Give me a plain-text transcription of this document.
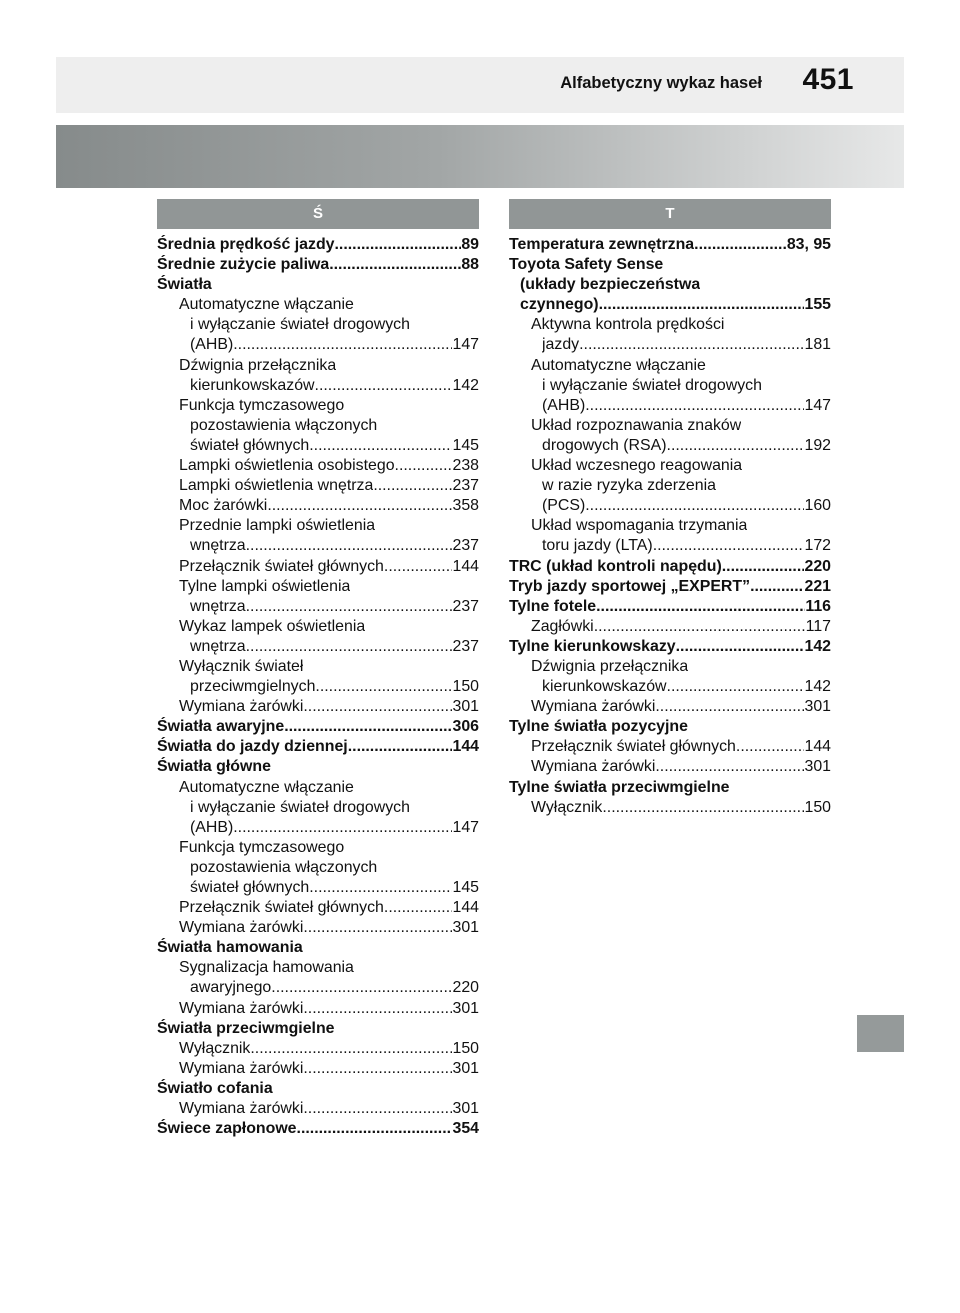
Alfabetyczny wykaz haseł 451
Ś
Średnia prędkość jazdy .....	89
Średnie zużycie paliwa .....	88
Światła
Automatyczne włączanie
i wyłączanie świateł drogowych
(AHB) .....	147
Dźwignia przełącznika
kierunkowskazów .....	142
Funkcja tymczasowego
pozostawienia włączonych
świateł głównych .....	145
Lampki oświetlenia osobistego .....	238
Lampki oświetlenia wnętrza .....	237
Moc żarówki .....	358
Przednie lampki oświetlenia
wnętrza .....	237
Przełącznik świateł głównych .....	144
Tylne lampki oświetlenia
wnętrza .....	237
Wykaz lampek oświetlenia
wnętrza .....	237
Wyłącznik świateł
przeciwmgielnych .....	150
Wymiana żarówki .....	301
Światła awaryjne .....	306
Światła do jazdy dziennej .....	144
Światła główne
Automatyczne włączanie
i wyłączanie świateł drogowych
(AHB) .....	147
Funkcja tymczasowego
pozostawienia włączonych
świateł głównych .....	145
Przełącznik świateł głównych .....	144
Wymiana żarówki .....	301
Światła hamowania
Sygnalizacja hamowania
awaryjnego .....	220
Wymiana żarówki .....	301
Światła przeciwmgielne
Wyłącznik .....	150
Wymiana żarówki .....	301
Światło cofania
Wymiana żarówki .....	301
Świece zapłonowe .....	354
T
Temperatura zewnętrzna .....	83, 95
Toyota Safety Sense
(układy bezpieczeństwa
czynnego) .....	155
Aktywna kontrola prędkości
jazdy .....	181
Automatyczne włączanie
i wyłączanie świateł drogowych
(AHB) .....	147
Układ rozpoznawania znaków
drogowych (RSA) .....	192
Układ wczesnego reagowania
w razie ryzyka zderzenia
(PCS) .....	160
Układ wspomagania trzymania
toru jazdy (LTA) .....	172
TRC (układ kontroli napędu) .....	220
Tryb jazdy sportowej „EXPERT” .....	221
Tylne fotele .....	116
Zagłówki .....	117
Tylne kierunkowskazy .....	142
Dźwignia przełącznika
kierunkowskazów .....	142
Wymiana żarówki .....	301
Tylne światła pozycyjne
Przełącznik świateł głównych .....	144
Wymiana żarówki .....	301
Tylne światła przeciwmgielne
Wyłącznik .....	150
